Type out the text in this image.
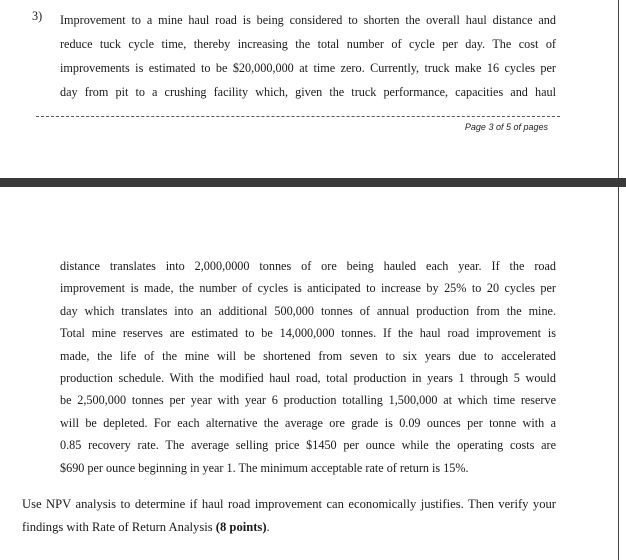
3) Improvement to a mine haul road is being considered to shorten the overall haul distance and
reduce tuck cycle time, thereby increasing the total number of cycle per day. The cost of
improvements is estimated to be $20,000,000 at time zero. Currently, truck make 16 cycles per
day from pit to a crushing facility which, given the truck performance, capacities and haul
Page 3 of 5 of pages
distance translates into 2,000,0000 tonnes of ore being hauled each year. If the road
improvement is made, the number of cycles is anticipated to increase by 25% to 20 cycles per
day which translates into an additional 500,000 tonnes of annual production from the mine.
Total mine reserves are estimated to be 14,000,000 tonnes. If the haul road improvement is
made, the life of the mine will be shortened from seven to six years due to accelerated
production schedule. With the modified haul road, total production in years 1 through 5 would
be 2,500,000 tonnes per year with year 6 production totalling 1,500,000 at which time reserve
will be depleted. For each alternative the average ore grade is 0.09 ounces per tonne with a
0.85 recovery rate. The average selling price $1450 per ounce while the operating costs are
$690 per ounce beginning in year 1. The minimum acceptable rate of return is 15%.
Use NPV analysis to determine if haul road improvement can economically justifies. Then verify your
findings with Rate of Return Analysis (8 points).
